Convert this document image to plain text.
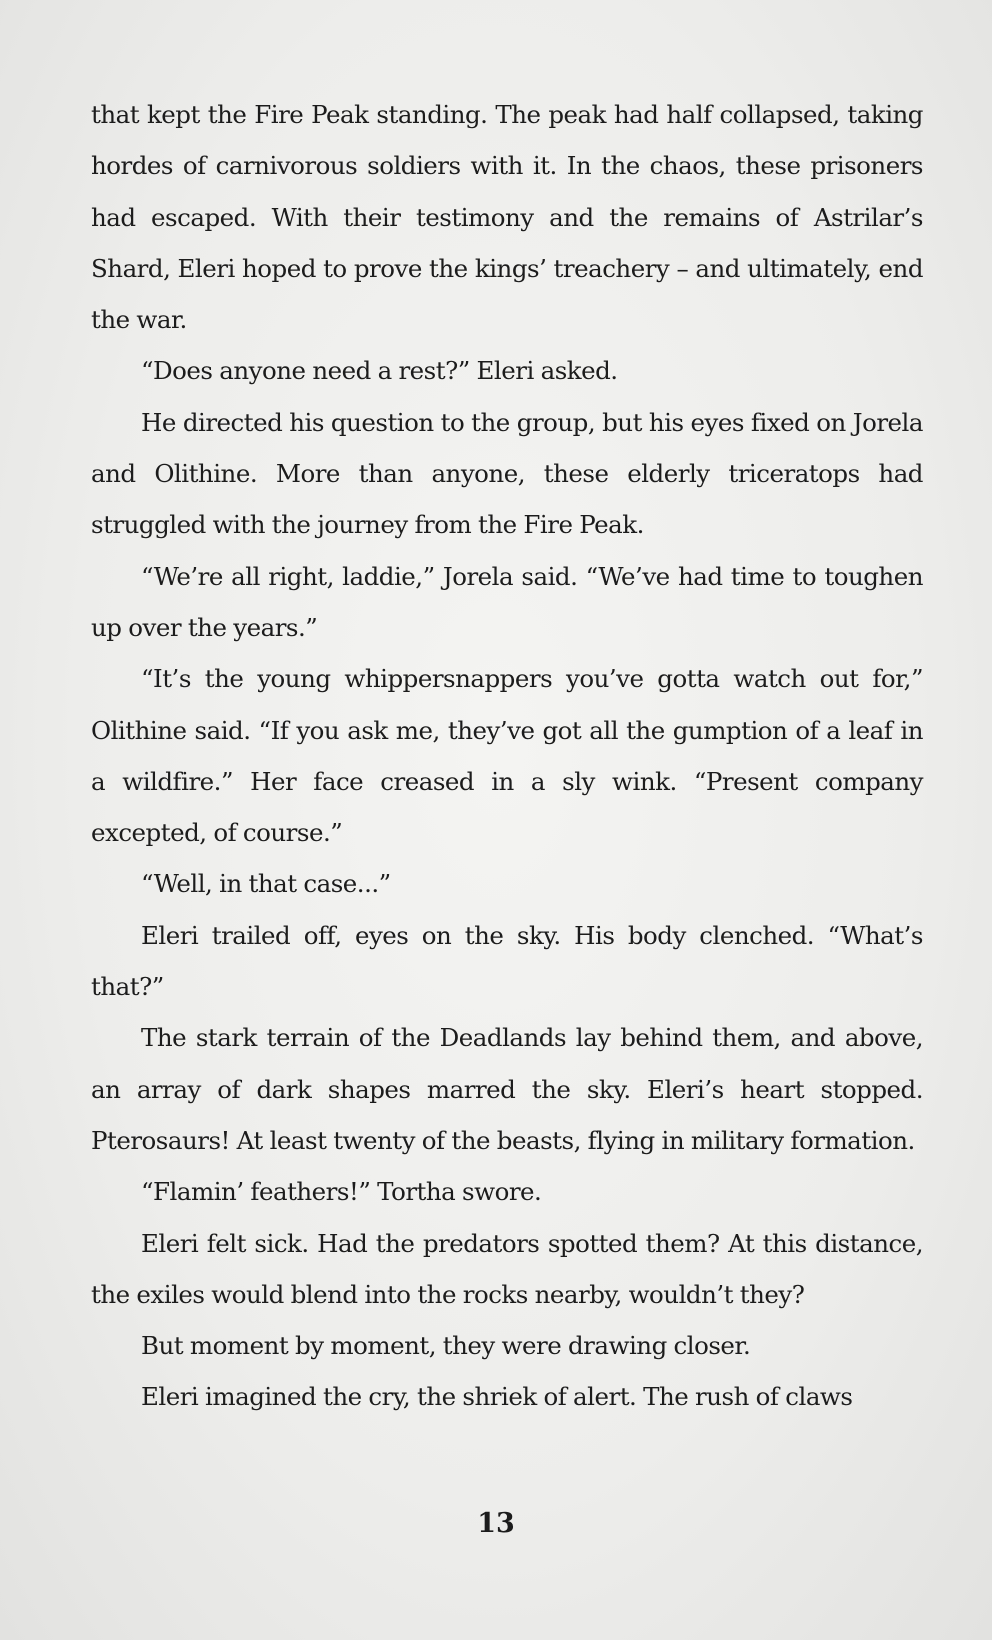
that kept the Fire Peak standing. The peak had half collapsed, taking hordes of carnivorous soldiers with it. In the chaos, these prisoners had escaped. With their testimony and the remains of Astrilar’s Shard, Eleri hoped to prove the kings’ treachery – and ultimately, end the war.

“Does anyone need a rest?” Eleri asked.

He directed his question to the group, but his eyes fixed on Jorela and Olithine. More than anyone, these elderly triceratops had struggled with the journey from the Fire Peak.

“We’re all right, laddie,” Jorela said. “We’ve had time to toughen up over the years.”

“It’s the young whippersnappers you’ve gotta watch out for,” Olithine said. “If you ask me, they’ve got all the gumption of a leaf in a wildfire.” Her face creased in a sly wink. “Present company excepted, of course.”

“Well, in that case...”

Eleri trailed off, eyes on the sky. His body clenched. “What’s that?”

The stark terrain of the Deadlands lay behind them, and above, an array of dark shapes marred the sky. Eleri’s heart stopped. Pterosaurs! At least twenty of the beasts, flying in military formation.

“Flamin’ feathers!” Tortha swore.

Eleri felt sick. Had the predators spotted them? At this distance, the exiles would blend into the rocks nearby, wouldn’t they?

But moment by moment, they were drawing closer.

Eleri imagined the cry, the shriek of alert. The rush of claws

13
